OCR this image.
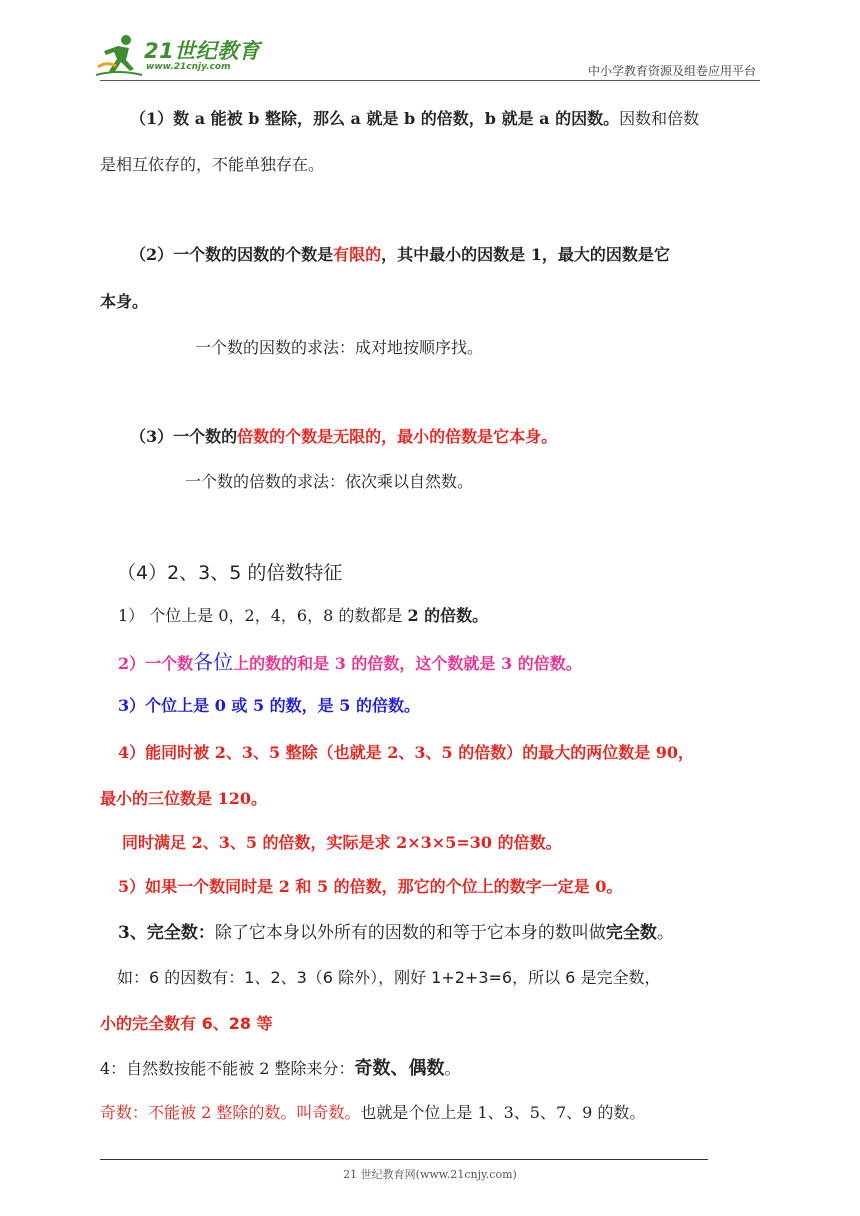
21世纪教育
www.21cnjy.com	中小学教育资源及组卷应用平台
（1）数 a 能被 b 整除，那么 a 就是 b 的倍数，b 就是 a 的因数。因数和倍数
是相互依存的，不能单独存在。
（2）一个数的因数的个数是有限的，其中最小的因数是 1，最大的因数是它
本身。
一个数的因数的求法：成对地按顺序找。
（3）一个数的倍数的个数是无限的，最小的倍数是它本身。
一个数的倍数的求法：依次乘以自然数。
（4）2、3、5 的倍数特征
1） 个位上是 0，2，4，6，8 的数都是 2 的倍数。
2）一个数各位上的数的和是 3 的倍数，这个数就是 3 的倍数。
3）个位上是 0 或 5 的数，是 5 的倍数。
4）能同时被 2、3、5 整除（也就是 2、3、5 的倍数）的最大的两位数是 90，
最小的三位数是 120。
同时满足 2、3、5 的倍数，实际是求 2×3×5=30 的倍数。
5）如果一个数同时是 2 和 5 的倍数，那它的个位上的数字一定是 0。
3、完全数：除了它本身以外所有的因数的和等于它本身的数叫做完全数。
如：6 的因数有：1、2、3（6 除外），刚好 1+2+3=6，所以 6 是完全数，
小的完全数有 6、28 等
4：自然数按能不能被 2 整除来分：奇数、偶数。
奇数：不能被 2 整除的数。叫奇数。也就是个位上是 1、3、5、7、9 的数。
21 世纪教育网(www.21cnjy.com)
